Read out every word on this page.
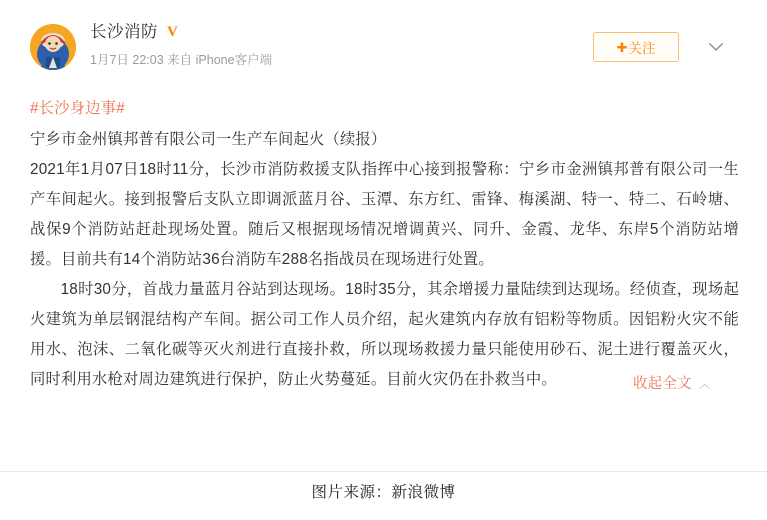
长沙消防 V
1月7日 22:03 来自 iPhone客户端
✚ 关注
#长沙身边事#
宁乡市金州镇邦普有限公司一生产车间起火（续报）

2021年1月07日18时11分，长沙市消防救援支队指挥中心接到报警称：宁乡市金洲镇邦普有限公司一生产车间起火。接到报警后支队立即调派蓝月谷、玉潭、东方红、雷锋、梅溪湖、特一、特二、石岭塘、战保9个消防站赶赴现场处置。随后又根据现场情况增调黄兴、同升、金霞、龙华、东岸5个消防站增援。目前共有14个消防站36台消防车288名指战员在现场进行处置。

18时30分，首战力量蓝月谷站到达现场。18时35分，其余增援力量陆续到达现场。经侦查，现场起火建筑为单层钢混结构产车间。据公司工作人员介绍，起火建筑内存放有铝粉等物质。因铝粉火灾不能用水、泡沫、二氧化碳等灭火剂进行直接扑救，所以现场救援力量只能使用砂石、泥土进行覆盖灭火，同时利用水枪对周边建筑进行保护，防止火势蔓延。目前火灾仍在扑救当中。	收起全文 ︿
图片来源：新浪微博
